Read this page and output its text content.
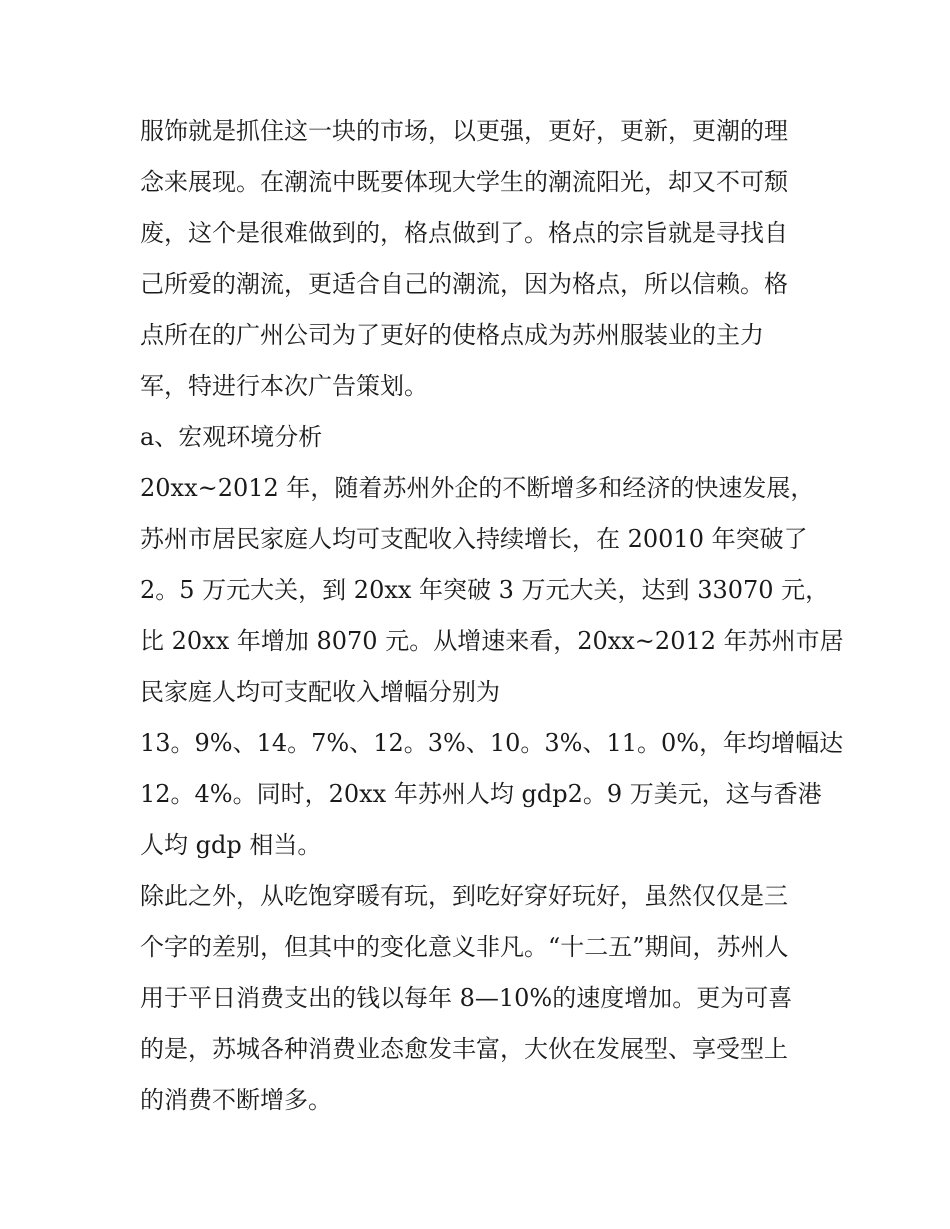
服饰就是抓住这一块的市场，以更强，更好，更新，更潮的理
念来展现。在潮流中既要体现大学生的潮流阳光，却又不可颓
废，这个是很难做到的，格点做到了。格点的宗旨就是寻找自
己所爱的潮流，更适合自己的潮流，因为格点，所以信赖。格
点所在的广州公司为了更好的使格点成为苏州服装业的主力
军，特进行本次广告策划。
a、宏观环境分析
20xx~2012 年，随着苏州外企的不断增多和经济的快速发展，
苏州市居民家庭人均可支配收入持续增长，在 20010 年突破了
2。5 万元大关，到 20xx 年突破 3 万元大关，达到 33070 元，
比 20xx 年增加 8070 元。从增速来看，20xx~2012 年苏州市居
民家庭人均可支配收入增幅分别为
13。9%、14。7%、12。3%、10。3%、11。0%，年均增幅达
12。4%。同时，20xx 年苏州人均 gdp2。9 万美元，这与香港
人均 gdp 相当。
除此之外，从吃饱穿暖有玩，到吃好穿好玩好，虽然仅仅是三
个字的差别，但其中的变化意义非凡。“十二五”期间，苏州人
用于平日消费支出的钱以每年 8—10%的速度增加。更为可喜
的是，苏城各种消费业态愈发丰富，大伙在发展型、享受型上
的消费不断增多。
